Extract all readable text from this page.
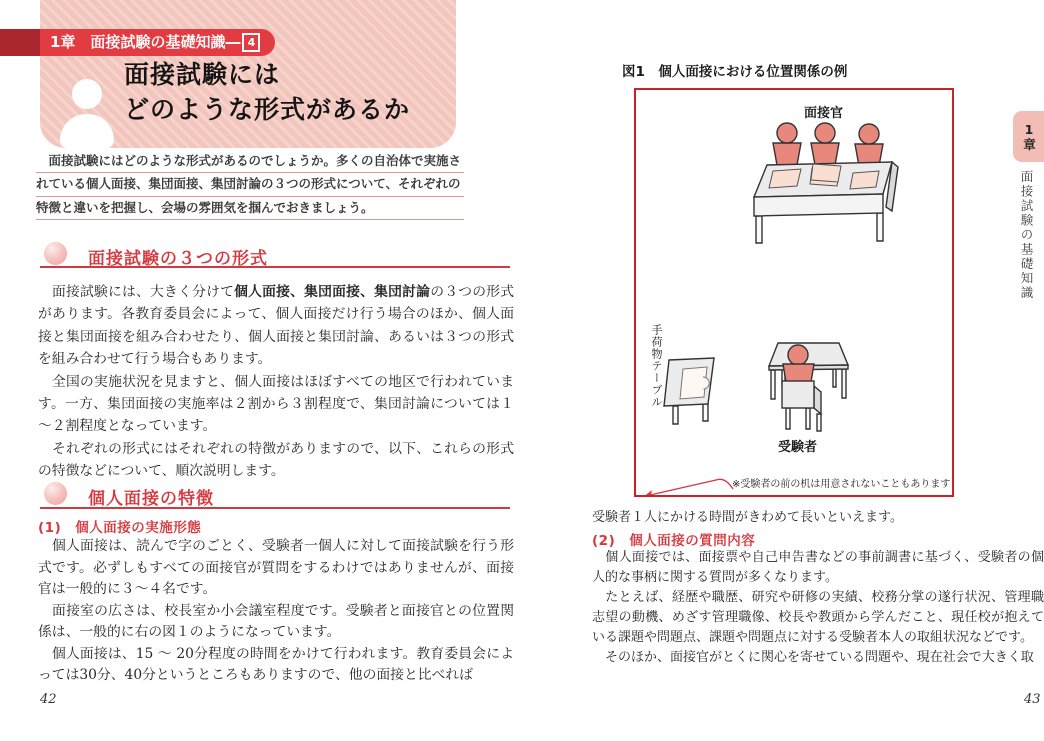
1章　面接試験の基礎知識― 4
面接試験には
どのような形式があるか
　面接試験にはどのような形式があるのでしょうか。多くの自治体で実施さ
れている個人面接、集団面接、集団討論の３つの形式について、それぞれの
特徴と違いを把握し、会場の雰囲気を掴んでおきましょう。
面接試験の３つの形式

　面接試験には、大きく分けて個人面接、集団面接、集団討論の３つの形式があります。各教育委員会によって、個人面接だけ行う場合のほか、個人面接と集団面接を組み合わせたり、個人面接と集団討論、あるいは３つの形式を組み合わせて行う場合もあります。

　全国の実施状況を見ますと、個人面接はほぼすべての地区で行われています。一方、集団面接の実施率は２割から３割程度で、集団討論については１～２割程度となっています。

　それぞれの形式にはそれぞれの特徴がありますので、以下、これらの形式の特徴などについて、順次説明します。

個人面接の特徴
(1)　個人面接の実施形態

　個人面接は、読んで字のごとく、受験者一個人に対して面接試験を行う形式です。必ずしもすべての面接官が質問をするわけではありませんが、面接官は一般的に３～４名です。

　面接室の広さは、校長室か小会議室程度です。受験者と面接官との位置関係は、一般的に右の図１のようになっています。

　個人面接は、15 ～ 20分程度の時間をかけて行われます。教育委員会によっては30分、40分というところもありますので、他の面接と比べれば

42
図1　個人面接における位置関係の例
面接官
手荷物テーブル
受験者
※受験者の前の机は用意されないこともあります
受験者１人にかける時間がきわめて長いといえます。
(2)　個人面接の質問内容

　個人面接では、面接票や自己申告書などの事前調書に基づく、受験者の個人的な事柄に関する質問が多くなります。

　たとえば、経歴や職歴、研究や研修の実績、校務分掌の遂行状況、管理職志望の動機、めざす管理職像、校長や教頭から学んだこと、現任校が抱えている課題や問題点、課題や問題点に対する受験者本人の取組状況などです。

　そのほか、面接官がとくに関心を寄せている問題や、現在社会で大きく取

43
1章
面接試験の基礎知識
